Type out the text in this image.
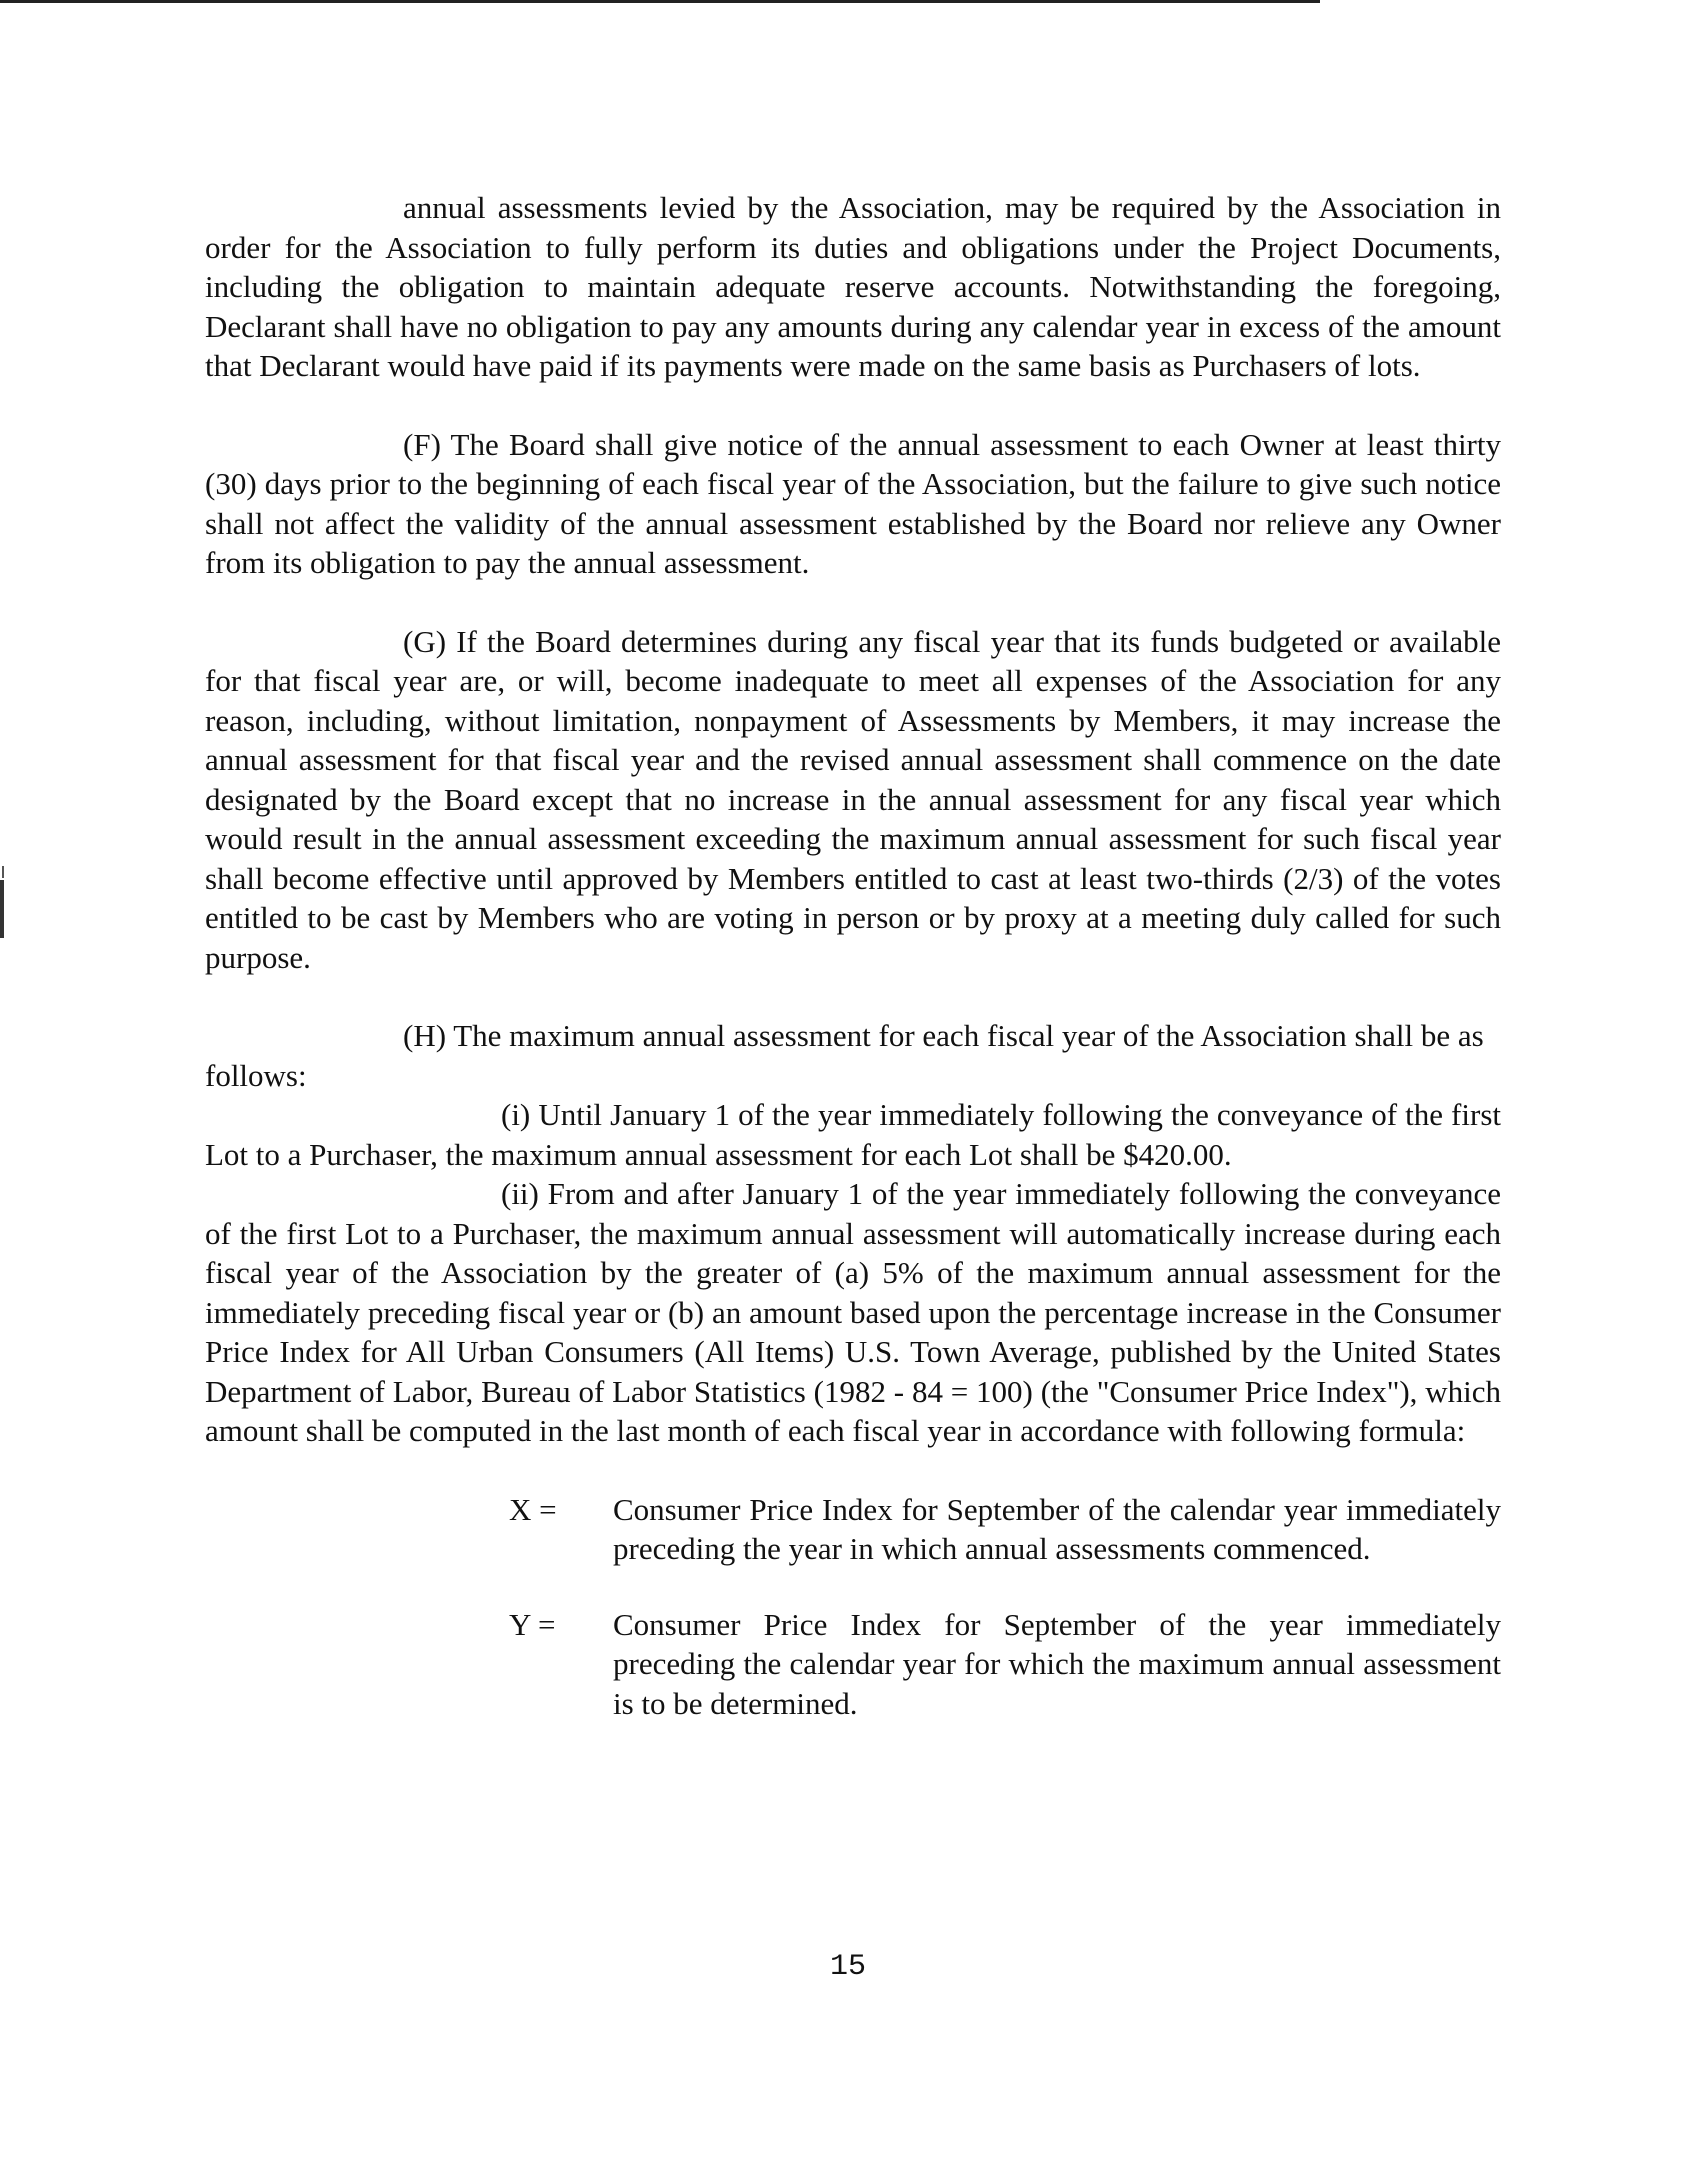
annual assessments levied by the Association, may be required by the Association in order for the Association to fully perform its duties and obligations under the Project Documents, including the obligation to maintain adequate reserve accounts. Notwithstanding the foregoing, Declarant shall have no obligation to pay any amounts during any calendar year in excess of the amount that Declarant would have paid if its payments were made on the same basis as Purchasers of lots.

(F) The Board shall give notice of the annual assessment to each Owner at least thirty (30) days prior to the beginning of each fiscal year of the Association, but the failure to give such notice shall not affect the validity of the annual assessment established by the Board nor relieve any Owner from its obligation to pay the annual assessment.

(G) If the Board determines during any fiscal year that its funds budgeted or available for that fiscal year are, or will, become inadequate to meet all expenses of the Association for any reason, including, without limitation, nonpayment of Assessments by Members, it may increase the annual assessment for that fiscal year and the revised annual assessment shall commence on the date designated by the Board except that no increase in the annual assessment for any fiscal year which would result in the annual assessment exceeding the maximum annual assessment for such fiscal year shall become effective until approved by Members entitled to cast at least two-thirds (2/3) of the votes entitled to be cast by Members who are voting in person or by proxy at a meeting duly called for such purpose.

(H) The maximum annual assessment for each fiscal year of the Association shall be as follows:

(i) Until January 1 of the year immediately following the conveyance of the first Lot to a Purchaser, the maximum annual assessment for each Lot shall be $420.00.

(ii) From and after January 1 of the year immediately following the conveyance of the first Lot to a Purchaser, the maximum annual assessment will automatically increase during each fiscal year of the Association by the greater of (a) 5% of the maximum annual assessment for the immediately preceding fiscal year or (b) an amount based upon the percentage increase in the Consumer Price Index for All Urban Consumers (All Items) U.S. Town Average, published by the United States Department of Labor, Bureau of Labor Statistics (1982 - 84 = 100) (the "Consumer Price Index"), which amount shall be computed in the last month of each fiscal year in accordance with following formula:

X =	Consumer Price Index for September of the calendar year immediately preceding the year in which annual assessments commenced.
Y =	Consumer Price Index for September of the year immediately preceding the calendar year for which the maximum annual assessment is to be determined.
15
